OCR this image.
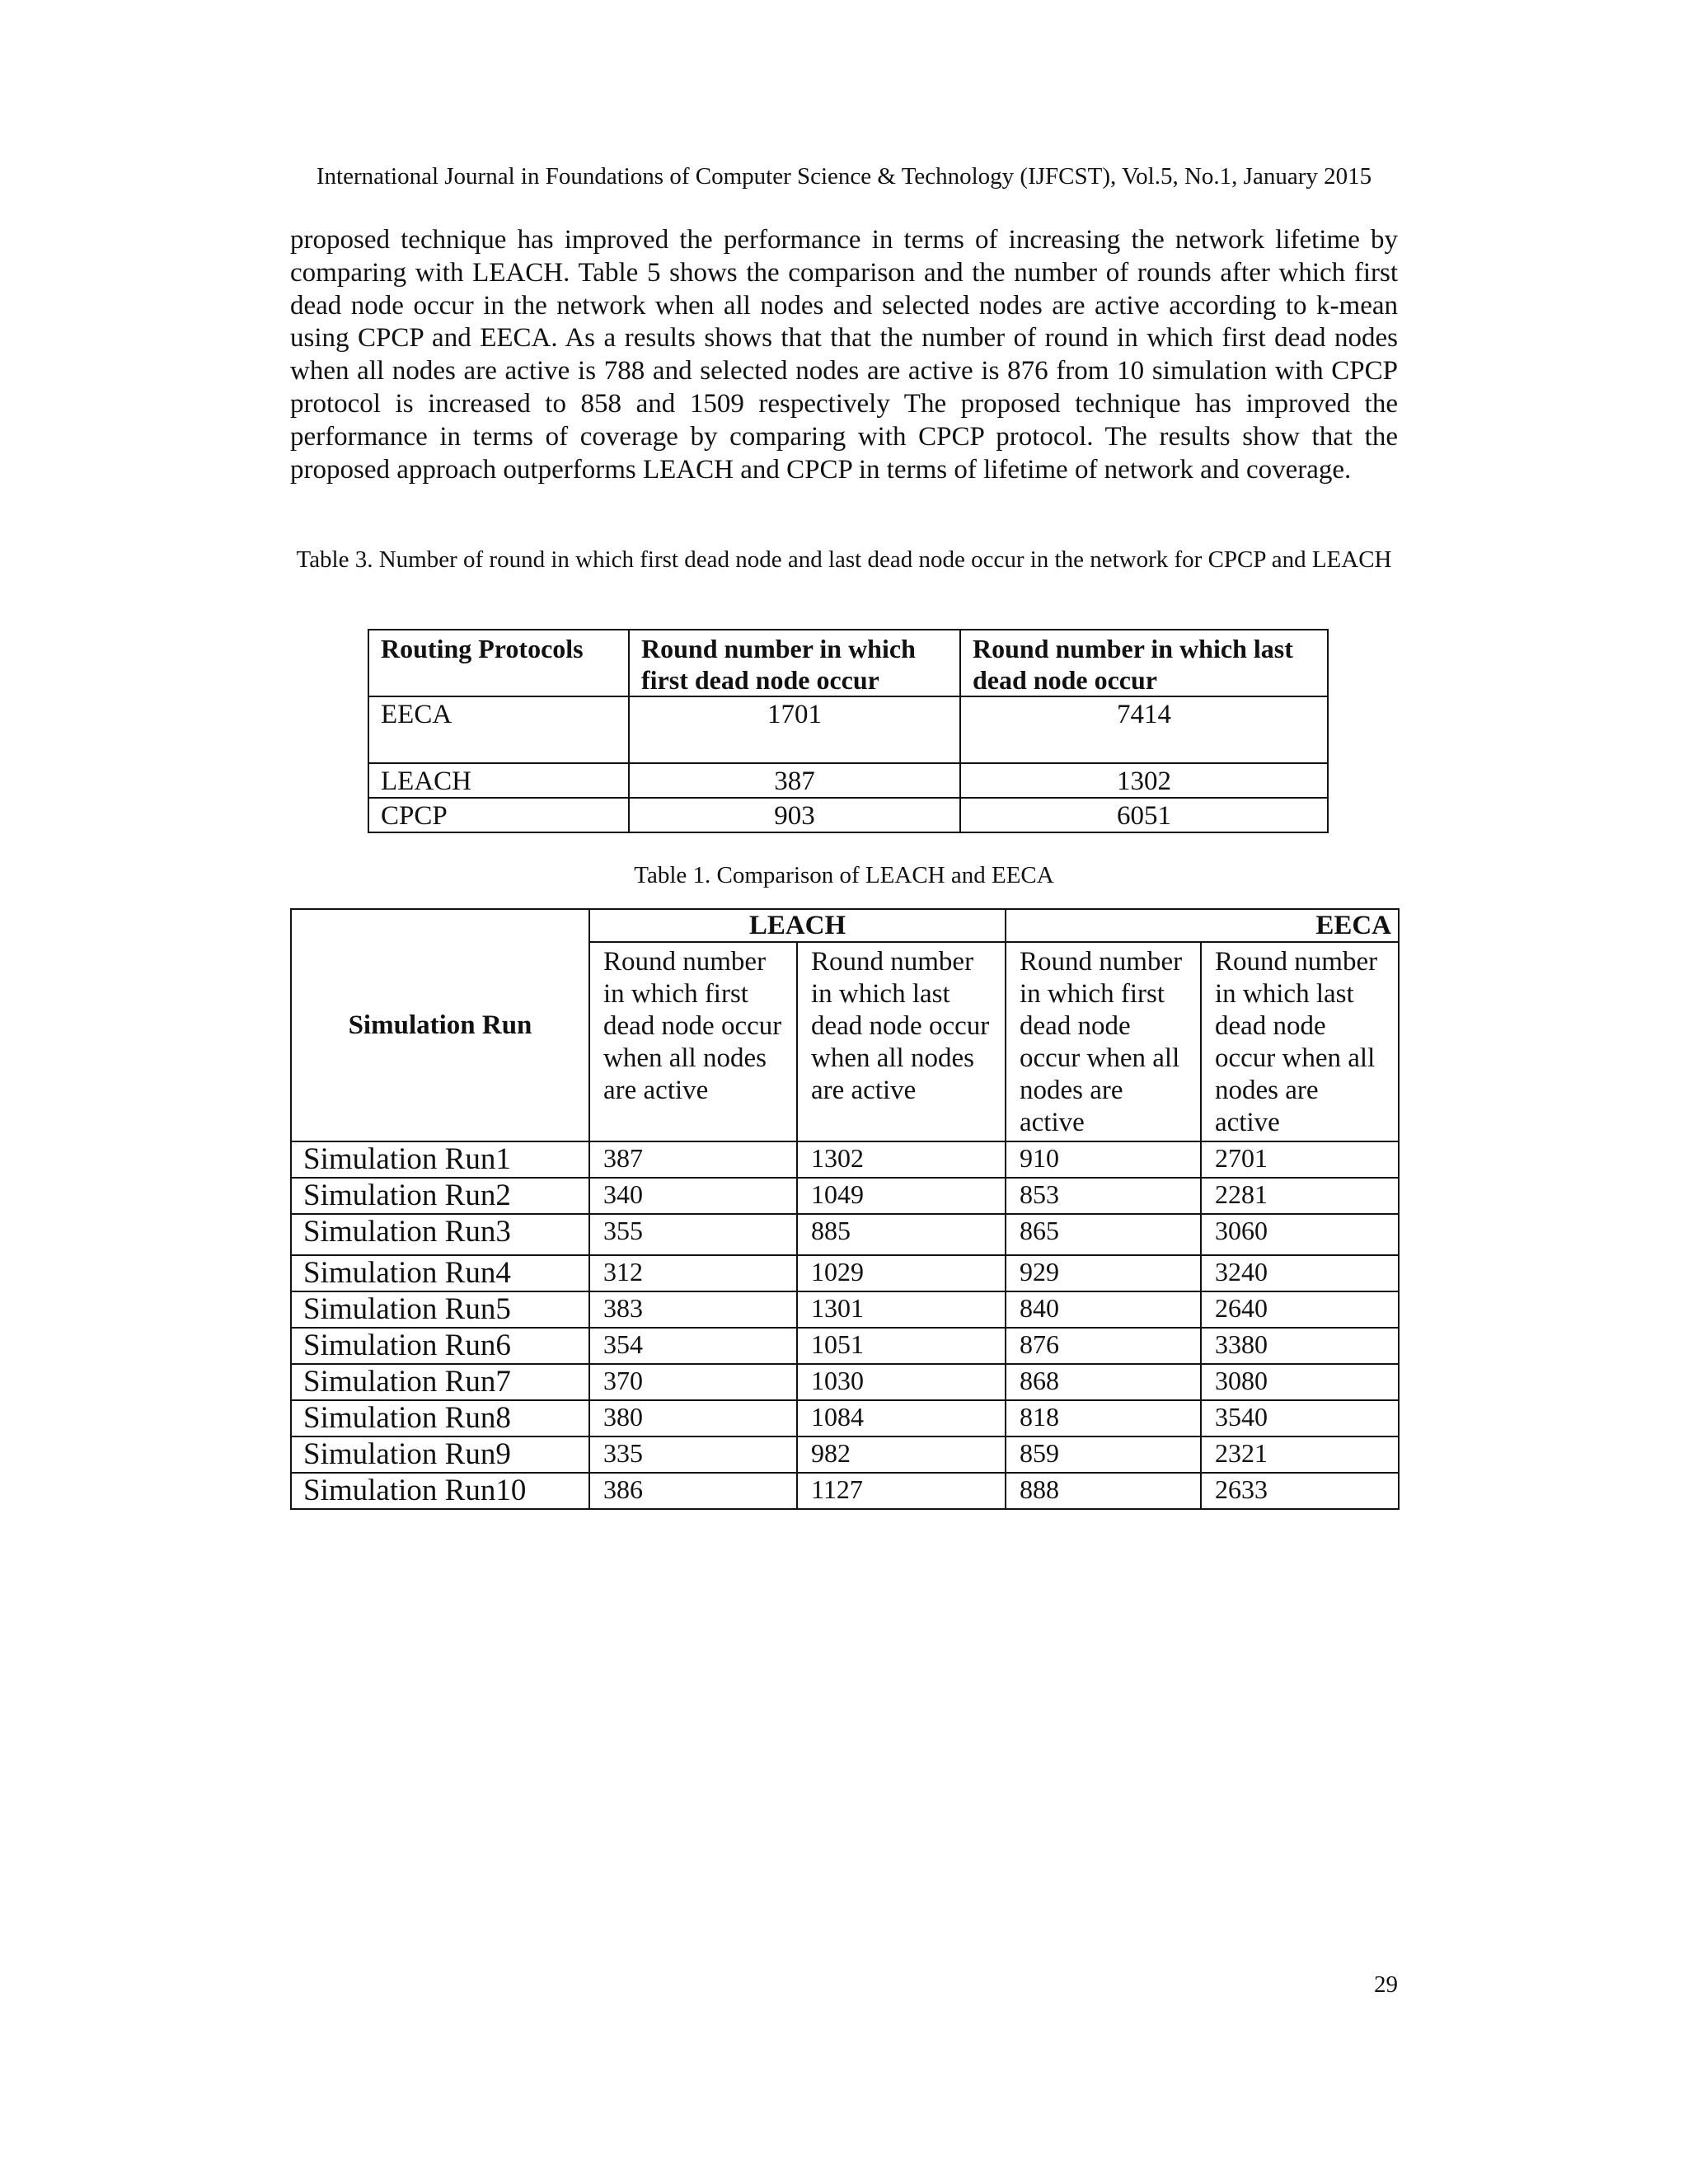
International Journal in Foundations of Computer Science & Technology (IJFCST), Vol.5, No.1, January 2015

proposed technique has improved the performance in terms of increasing the network lifetime by comparing with LEACH. Table 5 shows the comparison and the number of rounds after which first dead node occur in the network when all nodes and selected nodes are active according to k-mean using CPCP and EECA. As a results shows that that the number of round in which first dead nodes when all nodes are active is 788 and selected nodes are active is 876 from 10 simulation with CPCP protocol is increased to 858 and 1509 respectively The proposed technique has improved the performance in terms of coverage by comparing with CPCP protocol. The results show that the proposed approach outperforms LEACH and CPCP in terms of lifetime of network and coverage.

Table 3. Number of round in which first dead node and last dead node occur in the network for CPCP and LEACH
Routing Protocols	Round number in which first dead node occur	Round number in which last dead node occur
EECA	1701	7414
LEACH	387	1302
CPCP	903	6051
Table 1. Comparison of LEACH and EECA
Simulation Run	LEACH		EECA	
	Round number in which first dead node occur when all nodes are active	Round number in which last dead node occur when all nodes are active	Round number in which first dead node occur when all nodes are active	Round number in which last dead node occur when all nodes are active
Simulation Run1	387	1302	910	2701
Simulation Run2	340	1049	853	2281
Simulation Run3	355	885	865	3060
Simulation Run4	312	1029	929	3240
Simulation Run5	383	1301	840	2640
Simulation Run6	354	1051	876	3380
Simulation Run7	370	1030	868	3080
Simulation Run8	380	1084	818	3540
Simulation Run9	335	982	859	2321
Simulation Run10	386	1127	888	2633
29
